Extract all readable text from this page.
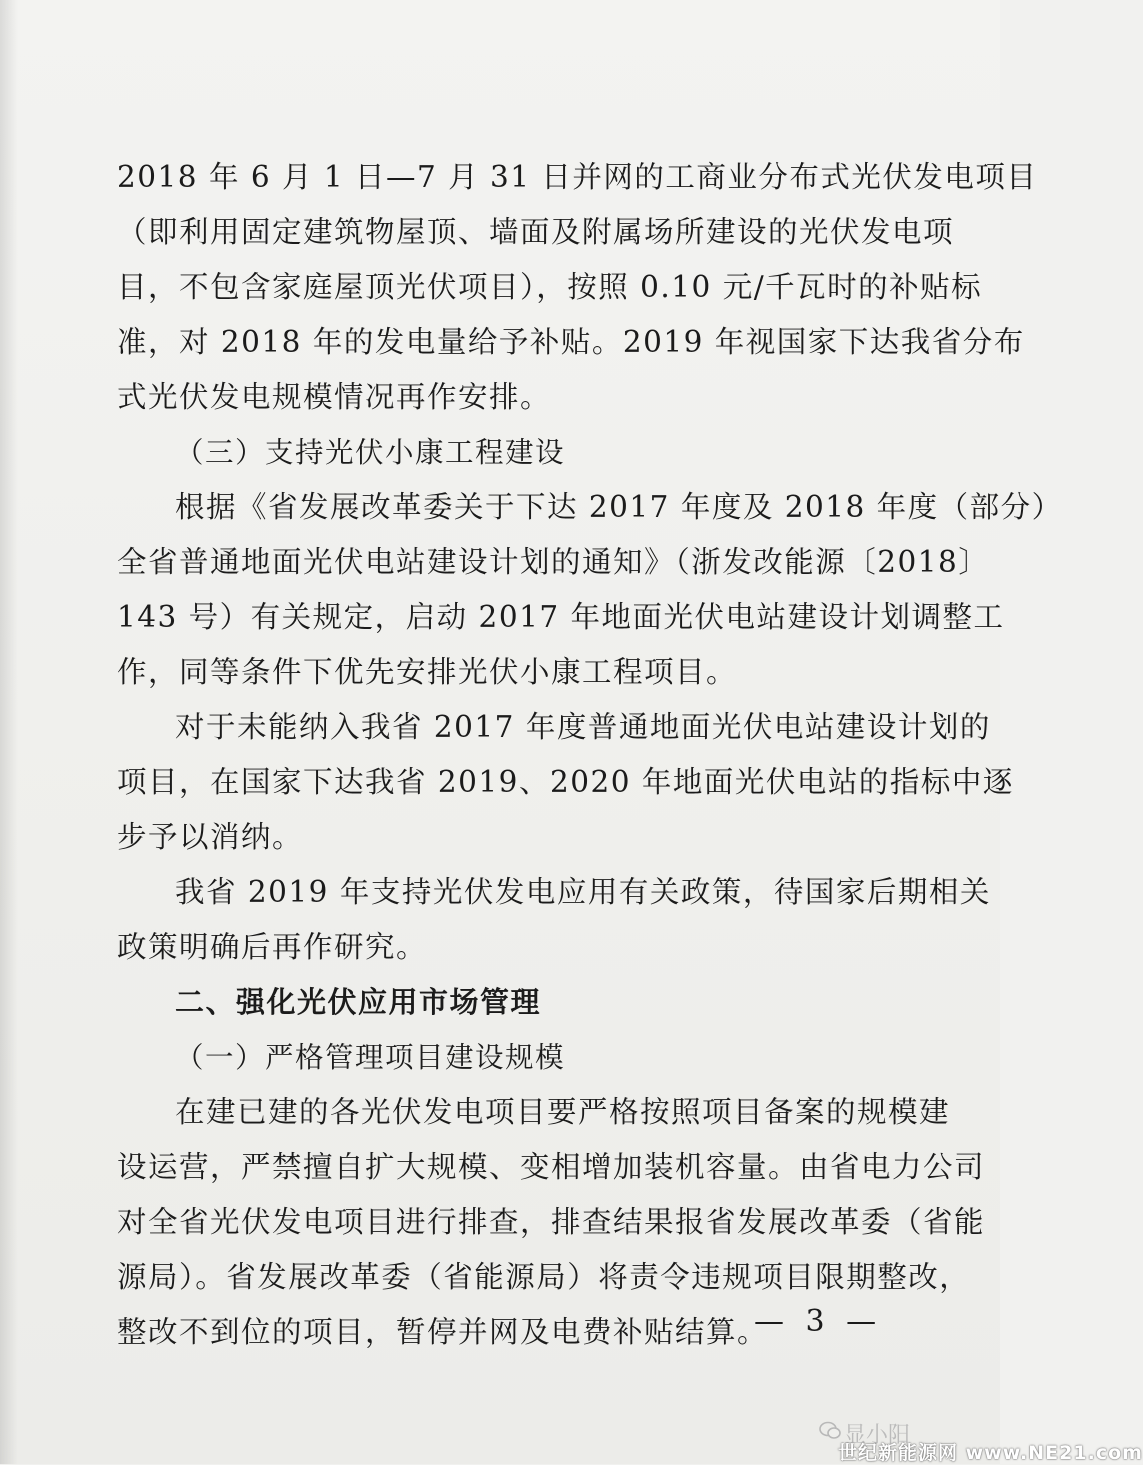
2018 年 6 月 1 日—7 月 31 日并网的工商业分布式光伏发电项目
（即利用固定建筑物屋顶、墙面及附属场所建设的光伏发电项
目，不包含家庭屋顶光伏项目），按照 0.10 元/千瓦时的补贴标
准，对 2018 年的发电量给予补贴。2019 年视国家下达我省分布
式光伏发电规模情况再作安排。
（三）支持光伏小康工程建设
根据《省发展改革委关于下达 2017 年度及 2018 年度（部分）
全省普通地面光伏电站建设计划的通知》（浙发改能源〔2018〕
143 号）有关规定，启动 2017 年地面光伏电站建设计划调整工
作，同等条件下优先安排光伏小康工程项目。
对于未能纳入我省 2017 年度普通地面光伏电站建设计划的
项目，在国家下达我省 2019、2020 年地面光伏电站的指标中逐
步予以消纳。
我省 2019 年支持光伏发电应用有关政策，待国家后期相关
政策明确后再作研究。
二、强化光伏应用市场管理
（一）严格管理项目建设规模
在建已建的各光伏发电项目要严格按照项目备案的规模建
设运营，严禁擅自扩大规模、变相增加装机容量。由省电力公司
对全省光伏发电项目进行排查，排查结果报省发展改革委（省能
源局）。省发展改革委（省能源局）将责令违规项目限期整改，
整改不到位的项目，暂停并网及电费补贴结算。
— 3 —
显小阳
世纪新能源网 www.NE21.com
